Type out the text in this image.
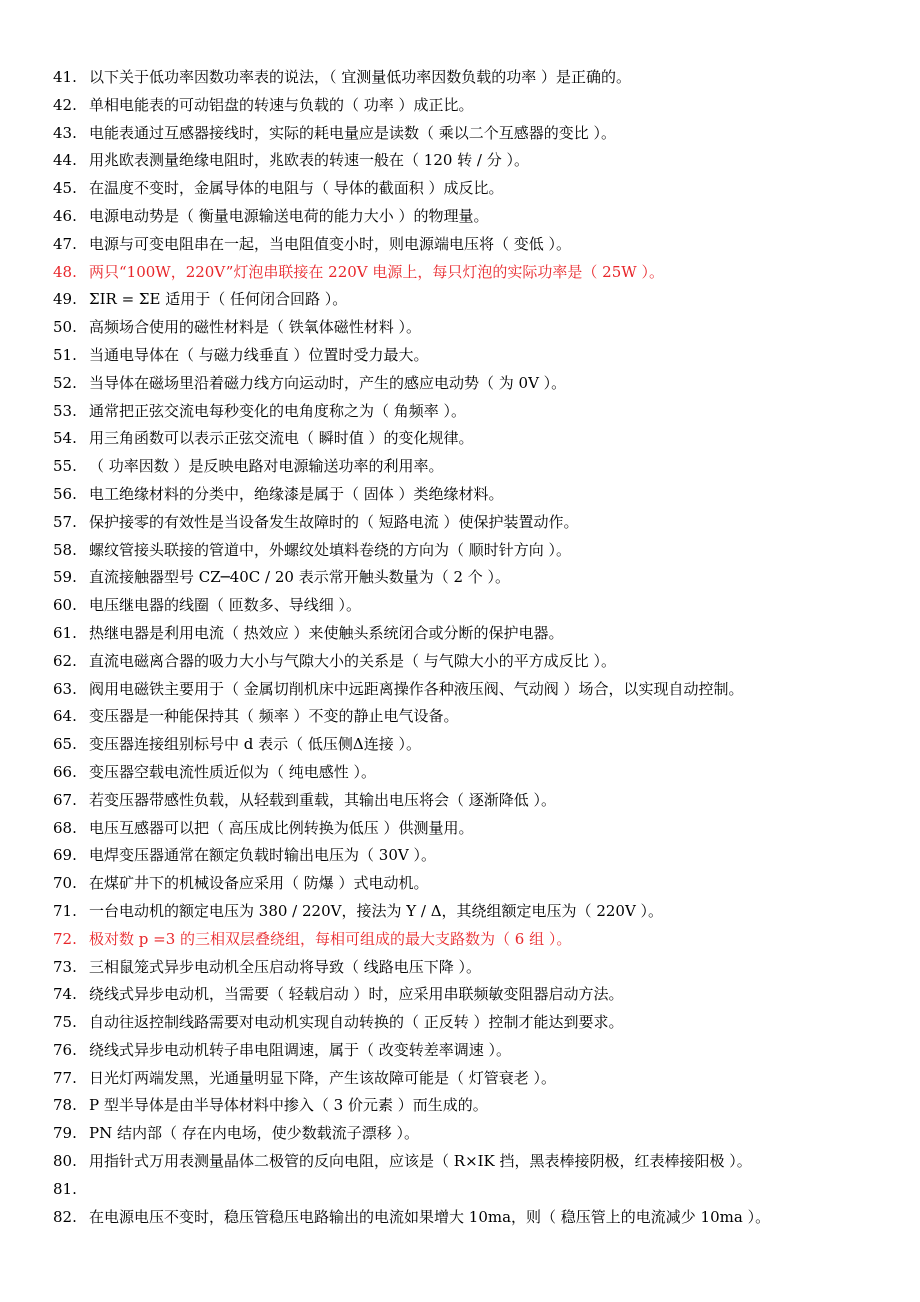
41. 以下关于低功率因数功率表的说法，（ 宜测量低功率因数负载的功率 ）是正确的。
42. 单相电能表的可动铝盘的转速与负载的（ 功率 ）成正比。
43. 电能表通过互感器接线时，实际的耗电量应是读数（ 乘以二个互感器的变比 ）。
44. 用兆欧表测量绝缘电阻时，兆欧表的转速一般在（ 120 转 / 分 ）。
45. 在温度不变时，金属导体的电阻与（ 导体的截面积 ）成反比。
46. 电源电动势是（ 衡量电源输送电荷的能力大小 ）的物理量。
47. 电源与可变电阻串在一起，当电阻值变小时，则电源端电压将（ 变低 ）。
48. 两只“100W，220V”灯泡串联接在 220V 电源上，每只灯泡的实际功率是（ 25W ）。
49. ΣIR = ΣE 适用于（ 任何闭合回路 ）。
50. 高频场合使用的磁性材料是（ 铁氧体磁性材料 ）。
51. 当通电导体在（ 与磁力线垂直 ）位置时受力最大。
52. 当导体在磁场里沿着磁力线方向运动时，产生的感应电动势（ 为 0V ）。
53. 通常把正弦交流电每秒变化的电角度称之为（ 角频率 ）。
54. 用三角函数可以表示正弦交流电（ 瞬时值 ）的变化规律。
55. （ 功率因数 ）是反映电路对电源输送功率的利用率。
56. 电工绝缘材料的分类中，绝缘漆是属于（ 固体 ）类绝缘材料。
57. 保护接零的有效性是当设备发生故障时的（ 短路电流 ）使保护装置动作。
58. 螺纹管接头联接的管道中，外螺纹处填料卷绕的方向为（ 顺时针方向 ）。
59. 直流接触器型号 CZ─40C / 20 表示常开触头数量为（ 2 个 ）。
60. 电压继电器的线圈（ 匝数多、导线细 ）。
61. 热继电器是利用电流（ 热效应 ）来使触头系统闭合或分断的保护电器。
62. 直流电磁离合器的吸力大小与气隙大小的关系是（ 与气隙大小的平方成反比 ）。
63. 阀用电磁铁主要用于（ 金属切削机床中远距离操作各种液压阀、气动阀 ）场合，以实现自动控制。
64. 变压器是一种能保持其（ 频率 ）不变的静止电气设备。
65. 变压器连接组别标号中 d 表示（ 低压侧Δ连接 ）。
66. 变压器空载电流性质近似为（ 纯电感性 ）。
67. 若变压器带感性负载，从轻载到重载，其输出电压将会（ 逐渐降低 ）。
68. 电压互感器可以把（ 高压成比例转换为低压 ）供测量用。
69. 电焊变压器通常在额定负载时输出电压为（ 30V ）。
70. 在煤矿井下的机械设备应采用（ 防爆 ）式电动机。
71. 一台电动机的额定电压为 380 / 220V，接法为 Y / Δ，其绕组额定电压为（ 220V ）。
72. 极对数 p =3 的三相双层叠绕组，每相可组成的最大支路数为（ 6 组 ）。
73. 三相鼠笼式异步电动机全压启动将导致（ 线路电压下降 ）。
74. 绕线式异步电动机，当需要（ 轻载启动 ）时，应采用串联频敏变阻器启动方法。
75. 自动往返控制线路需要对电动机实现自动转换的（ 正反转 ）控制才能达到要求。
76. 绕线式异步电动机转子串电阻调速，属于（ 改变转差率调速 ）。
77. 日光灯两端发黑，光通量明显下降，产生该故障可能是（ 灯管衰老 ）。
78. P 型半导体是由半导体材料中掺入（ 3 价元素 ）而生成的。
79. PN 结内部（ 存在内电场，使少数载流子漂移 ）。
80. 用指针式万用表测量晶体二极管的反向电阻，应该是（ R×IK 挡，黑表棒接阴极，红表棒接阳极 ）。
81.
82. 在电源电压不变时，稳压管稳压电路输出的电流如果增大 10ma，则（ 稳压管上的电流减少 10ma ）。
